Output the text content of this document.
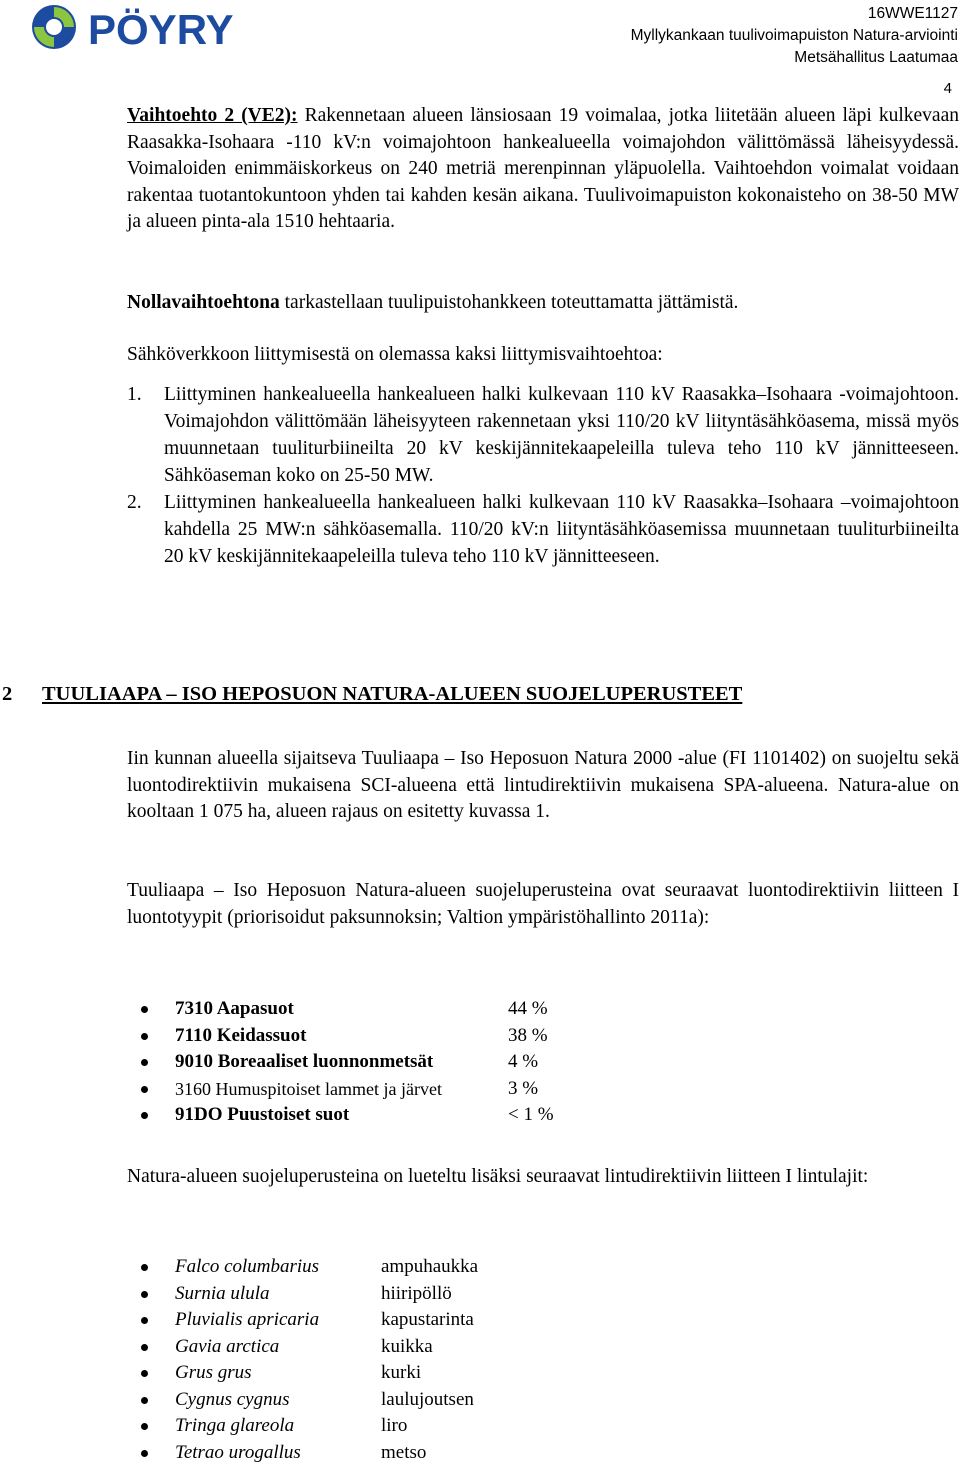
PÖYRY	16WWE1127
Myllykankaan tuulivoimapuiston Natura-arviointi
Metsähallitus Laatumaa
4

Vaihtoehto 2 (VE2): Rakennetaan alueen länsiosaan 19 voimalaa, jotka liitetään alueen läpi kulkevaan Raasakka-Isohaara -110 kV:n voimajohtoon hankealueella voimajohdon välittömässä läheisyydessä. Voimaloiden enimmäiskorkeus on 240 metriä merenpinnan yläpuolella. Vaihtoehdon voimalat voidaan rakentaa tuotantokuntoon yhden tai kahden kesän aikana. Tuulivoimapuiston kokonaisteho on 38-50 MW ja alueen pinta-ala 1510 hehtaaria.

Nollavaihtoehtona tarkastellaan tuulipuistohankkeen toteuttamatta jättämistä.

Sähköverkkoon liittymisestä on olemassa kaksi liittymisvaihtoehtoa:
1. Liittyminen hankealueella hankealueen halki kulkevaan 110 kV Raasakka–Isohaara -voimajohtoon. Voimajohdon välittömään läheisyyteen rakennetaan yksi 110/20 kV liityntäsähköasema, missä myös muunnetaan tuuliturbiineilta 20 kV keskijännitekaapeleilla tuleva teho 110 kV jännitteeseen. Sähköaseman koko on 25-50 MW.
2. Liittyminen hankealueella hankealueen halki kulkevaan 110 kV Raasakka–Isohaara –voimajohtoon kahdella 25 MW:n sähköasemalla. 110/20 kV:n liityntäsähköasemissa muunnetaan tuuliturbiineilta 20 kV keskijännitekaapeleilla tuleva teho 110 kV jännitteeseen.
2 TUULIAAPA – ISO HEPOSUON NATURA-ALUEEN SUOJELUPERUSTEET
Iin kunnan alueella sijaitseva Tuuliaapa – Iso Heposuon Natura 2000 -alue (FI 1101402) on suojeltu sekä luontodirektiivin mukaisena SCI-alueena että lintudirektiivin mukaisena SPA-alueena. Natura-alue on kooltaan 1 075 ha, alueen rajaus on esitetty kuvassa 1.
Tuuliaapa – Iso Heposuon Natura-alueen suojeluperusteina ovat seuraavat luontodirektiivin liitteen I luontotyypit (priorisoidut paksunnoksin; Valtion ympäristöhallinto 2011a):
7310 Aapasuot	44 %
7110 Keidassuot	38 %
9010 Boreaaliset luonnonmetsät	4 %
3160 Humuspitoiset lammet ja järvet	3 %
91DO Puustoiset suot	< 1 %
Natura-alueen suojeluperusteina on lueteltu lisäksi seuraavat lintudirektiivin liitteen I lintulajit:
Falco columbarius	ampuhaukka
Surnia ulula	hiiripöllö
Pluvialis apricaria	kapustarinta
Gavia arctica	kuikka
Grus grus	kurki
Cygnus cygnus	laulujoutsen
Tringa glareola	liro
Tetrao urogallus	metso
